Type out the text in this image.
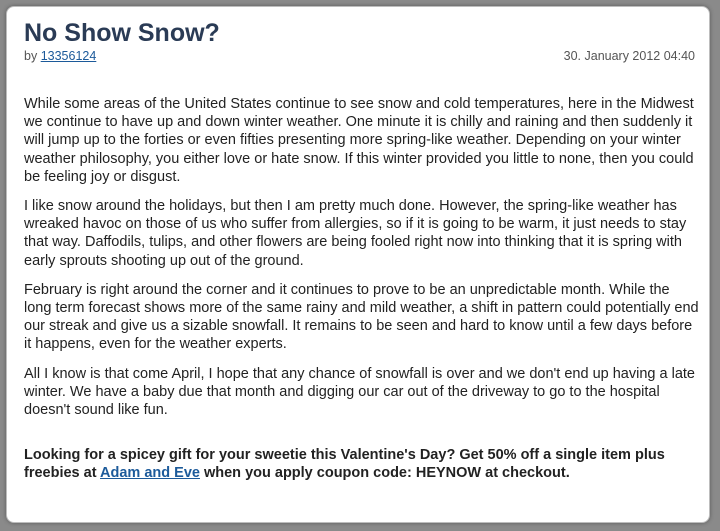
No Show Snow?
by 13356124	30. January 2012 04:40

While some areas of the United States continue to see snow and cold temperatures, here in the Midwest we continue to have up and down winter weather. One minute it is chilly and raining and then suddenly it will jump up to the forties or even fifties presenting more spring-like weather. Depending on your winter weather philosophy, you either love or hate snow. If this winter provided you little to none, then you could be feeling joy or disgust.

I like snow around the holidays, but then I am pretty much done. However, the spring-like weather has wreaked havoc on those of us who suffer from allergies, so if it is going to be warm, it just needs to stay that way. Daffodils, tulips, and other flowers are being fooled right now into thinking that it is spring with early sprouts shooting up out of the ground.

February is right around the corner and it continues to prove to be an unpredictable month. While the long term forecast shows more of the same rainy and mild weather, a shift in pattern could potentially end our streak and give us a sizable snowfall. It remains to be seen and hard to know until a few days before it happens, even for the weather experts.

All I know is that come April, I hope that any chance of snowfall is over and we don't end up having a late winter. We have a baby due that month and digging our car out of the driveway to go to the hospital doesn't sound like fun.

Looking for a spicey gift for your sweetie this Valentine's Day? Get 50% off a single item plus freebies at Adam and Eve when you apply coupon code: HEYNOW at checkout.
